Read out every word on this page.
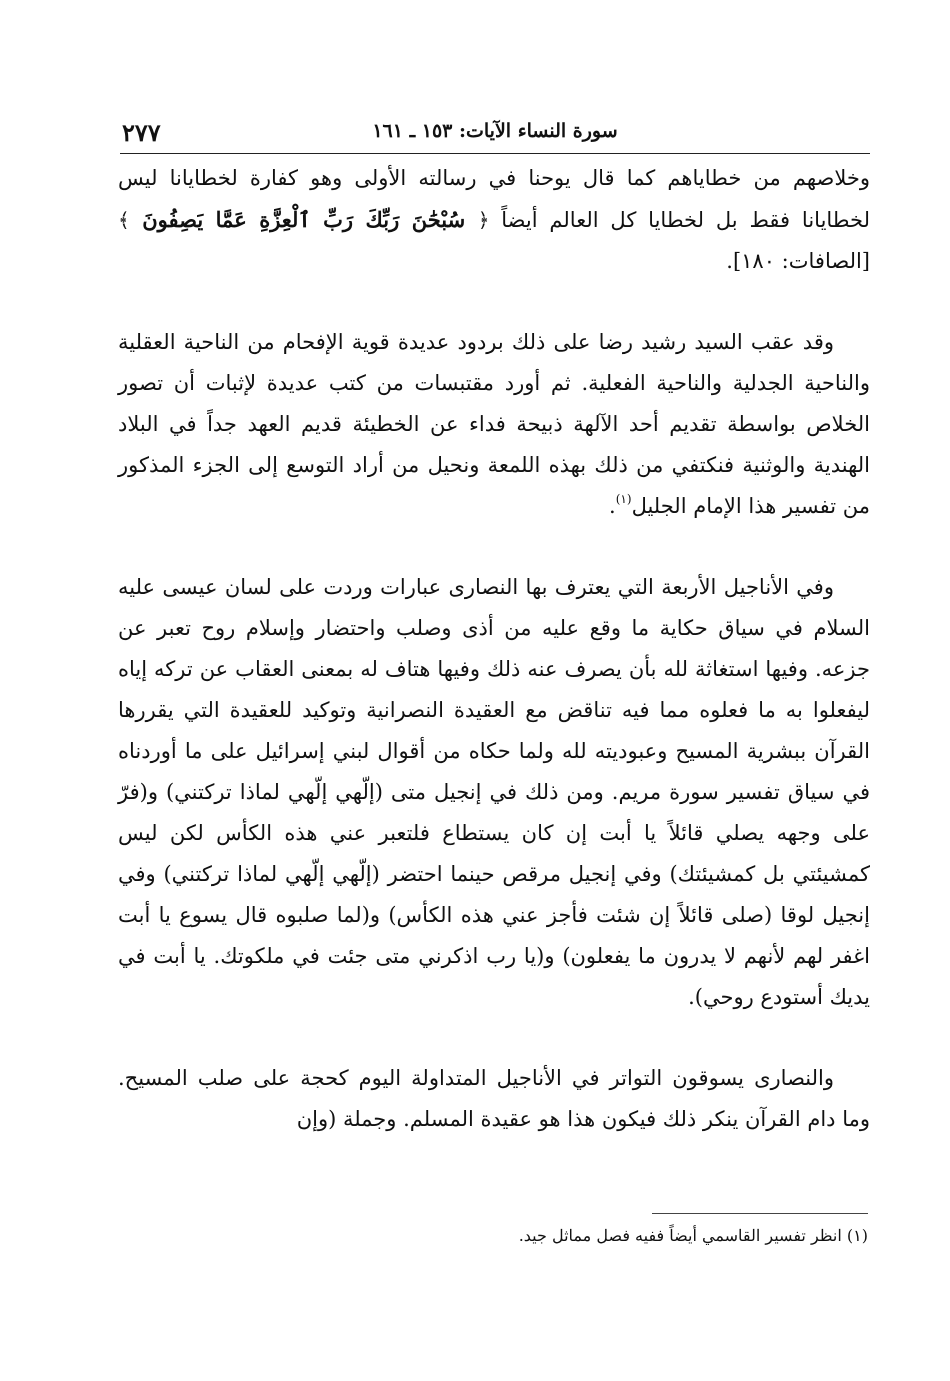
٢٧٧	سورة النساء الآيات: ١٥٣ ـ ١٦١

وخلاصهم من خطاياهم كما قال يوحنا في رسالته الأولى وهو كفارة لخطايانا ليس لخطايانا فقط بل لخطايا كل العالم أيضاً ﴿ سُبْحَٰنَ رَبِّكَ رَبِّ ٱلْعِزَّةِ عَمَّا يَصِفُونَ ﴾ [الصافات: ١٨٠].

وقد عقب السيد رشيد رضا على ذلك بردود عديدة قوية الإفحام من الناحية العقلية والناحية الجدلية والناحية الفعلية. ثم أورد مقتبسات من كتب عديدة لإثبات أن تصور الخلاص بواسطة تقديم أحد الآلهة ذبيحة فداء عن الخطيئة قديم العهد جداً في البلاد الهندية والوثنية فنكتفي من ذلك بهذه اللمعة ونحيل من أراد التوسع إلى الجزء المذكور من تفسير هذا الإمام الجليل$^{(١)}$.

وفي الأناجيل الأربعة التي يعترف بها النصارى عبارات وردت على لسان عيسى عليه السلام في سياق حكاية ما وقع عليه من أذى وصلب واحتضار وإسلام روح تعبر عن جزعه. وفيها استغاثة لله بأن يصرف عنه ذلك وفيها هتاف له بمعنى العقاب عن تركه إياه ليفعلوا به ما فعلوه مما فيه تناقض مع العقيدة النصرانية وتوكيد للعقيدة التي يقررها القرآن ببشرية المسيح وعبوديته لله ولما حكاه من أقوال لبني إسرائيل على ما أوردناه في سياق تفسير سورة مريم. ومن ذلك في إنجيل متى (إلّهي إلّهي لماذا تركتني) و(فرّ على وجهه يصلي قائلاً يا أبت إن كان يستطاع فلتعبر عني هذه الكأس لكن ليس كمشيئتي بل كمشيئتك) وفي إنجيل مرقص حينما احتضر (إلّهي إلّهي لماذا تركتني) وفي إنجيل لوقا (صلى قائلاً إن شئت فأجز عني هذه الكأس) و(لما صلبوه قال يسوع يا أبت اغفر لهم لأنهم لا يدرون ما يفعلون) و(يا رب اذكرني متى جئت في ملكوتك. يا أبت في يديك أستودع روحي).

والنصارى يسوقون التواتر في الأناجيل المتداولة اليوم كحجة على صلب المسيح. وما دام القرآن ينكر ذلك فيكون هذا هو عقيدة المسلم. وجملة (وإن

(١) انظر تفسير القاسمي أيضاً ففيه فصل مماثل جيد.
